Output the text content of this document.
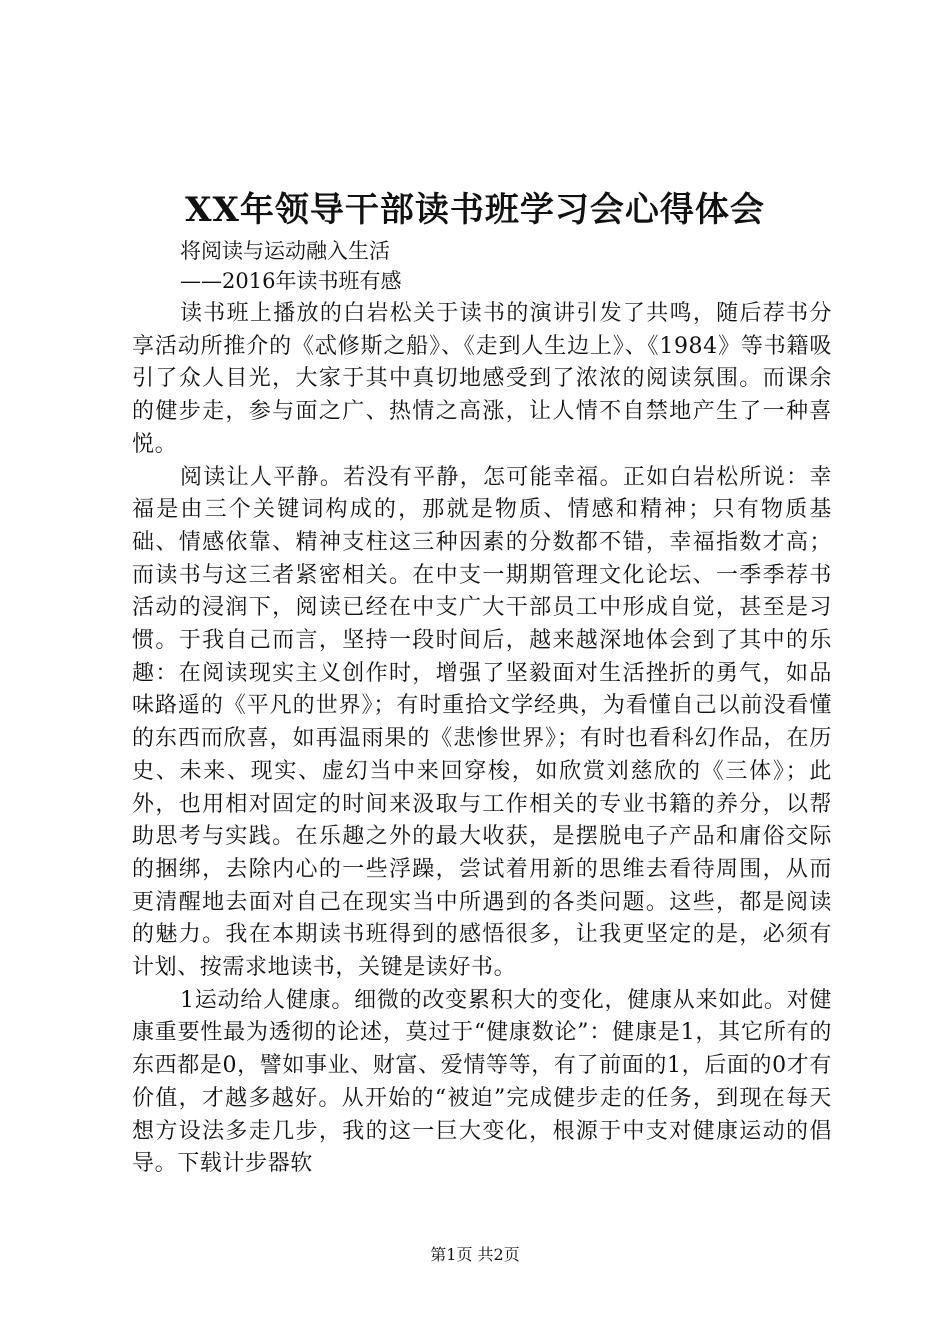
XX年领导干部读书班学习会心得体会

将阅读与运动融入生活

——2016年读书班有感

读书班上播放的白岩松关于读书的演讲引发了共鸣，随后荐书分享活动所推介的《忒修斯之船》、《走到人生边上》、《1984》等书籍吸引了众人目光，大家于其中真切地感受到了浓浓的阅读氛围。而课余的健步走，参与面之广、热情之高涨，让人情不自禁地产生了一种喜悦。

阅读让人平静。若没有平静，怎可能幸福。正如白岩松所说：幸福是由三个关键词构成的，那就是物质、情感和精神；只有物质基础、情感依靠、精神支柱这三种因素的分数都不错，幸福指数才高；而读书与这三者紧密相关。在中支一期期管理文化论坛、一季季荐书活动的浸润下，阅读已经在中支广大干部员工中形成自觉，甚至是习惯。于我自己而言，坚持一段时间后，越来越深地体会到了其中的乐趣：在阅读现实主义创作时，增强了坚毅面对生活挫折的勇气，如品味路遥的《平凡的世界》；有时重拾文学经典，为看懂自己以前没看懂的东西而欣喜，如再温雨果的《悲惨世界》；有时也看科幻作品，在历史、未来、现实、虚幻当中来回穿梭，如欣赏刘慈欣的《三体》；此外，也用相对固定的时间来汲取与工作相关的专业书籍的养分，以帮助思考与实践。在乐趣之外的最大收获，是摆脱电子产品和庸俗交际的捆绑，去除内心的一些浮躁，尝试着用新的思维去看待周围，从而更清醒地去面对自己在现实当中所遇到的各类问题。这些，都是阅读的魅力。我在本期读书班得到的感悟很多，让我更坚定的是，必须有计划、按需求地读书，关键是读好书。

1运动给人健康。细微的改变累积大的变化，健康从来如此。对健康重要性最为透彻的论述，莫过于“健康数论”：健康是1，其它所有的东西都是0，譬如事业、财富、爱情等等，有了前面的1，后面的0才有价值，才越多越好。从开始的“被迫”完成健步走的任务，到现在每天想方设法多走几步，我的这一巨大变化，根源于中支对健康运动的倡导。下载计步器软

第1页 共2页
